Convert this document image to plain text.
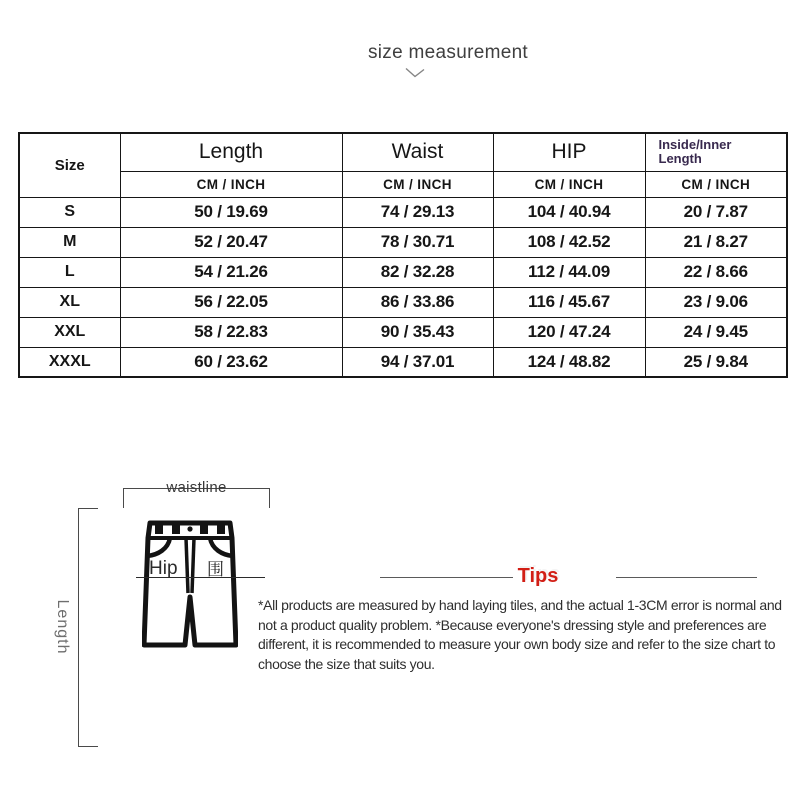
size measurement
Size	Length	Waist	HIP	Inside/Inner Length

	CM / INCH	CM / INCH	CM / INCH	CM / INCH
S	50 / 19.69	74 / 29.13	104 / 40.94	20 / 7.87
M	52 / 20.47	78 / 30.71	108 / 42.52	21 / 8.27
L	54 / 21.26	82 / 32.28	112 / 44.09	22 / 8.66
XL	56 / 22.05	86 / 33.86	116 / 45.67	23 / 9.06
XXL	58 / 22.83	90 / 35.43	120 / 47.24	24 / 9.45
XXXL	60 / 23.62	94 / 37.01	124 / 48.82	25 / 9.84
waistline
Length
Hip 围	Tips
*All products are measured by hand laying tiles, and the actual 1-3CM error is normal and not a product quality problem. *Because everyone's dressing style and preferences are different, it is recommended to measure your own body size and refer to the size chart to choose the size that suits you.
